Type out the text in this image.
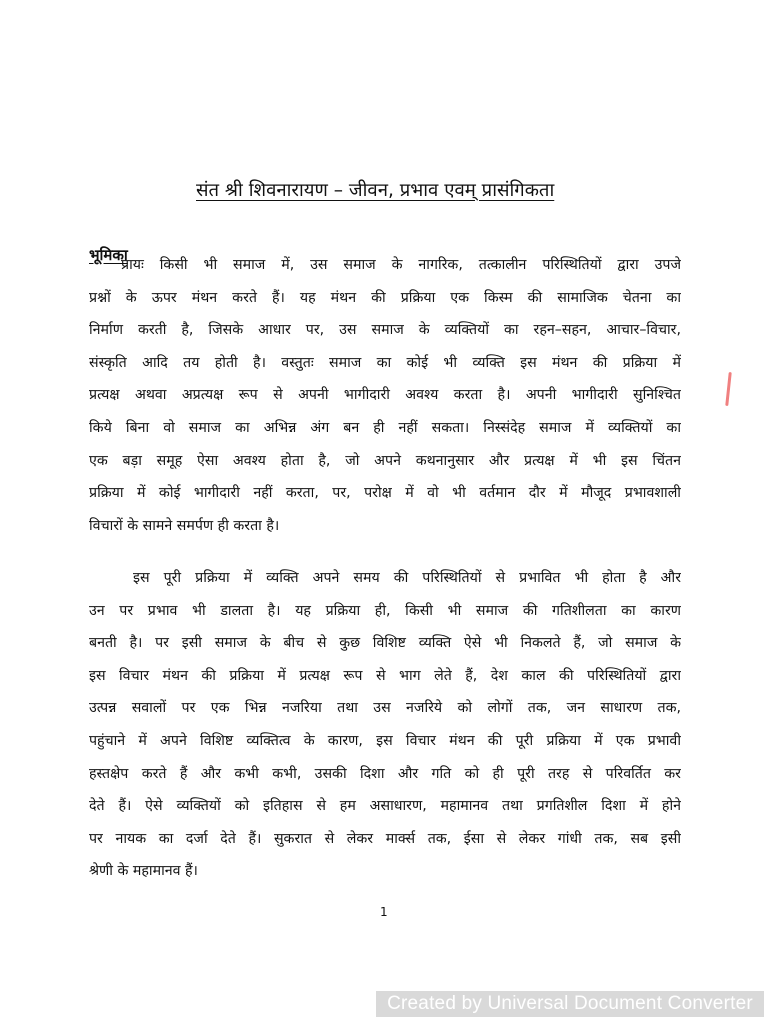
संत श्री शिवनारायण – जीवन, प्रभाव एवम् प्रासंगिकता
भूमिका

प्रायः किसी भी समाज में, उस समाज के नागरिक, तत्कालीन परिस्थितियों द्वारा उपजे
प्रश्नों के ऊपर मंथन करते हैं। यह मंथन की प्रक्रिया एक किस्म की सामाजिक चेतना का
निर्माण करती है, जिसके आधार पर, उस समाज के व्यक्तियों का रहन–सहन, आचार–विचार,
संस्कृति आदि तय होती है। वस्तुतः समाज का कोई भी व्यक्ति इस मंथन की प्रक्रिया में
प्रत्यक्ष अथवा अप्रत्यक्ष रूप से अपनी भागीदारी अवश्य करता है। अपनी भागीदारी सुनिश्चित
किये बिना वो समाज का अभिन्न अंग बन ही नहीं सकता। निस्संदेह समाज में व्यक्तियों का
एक बड़ा समूह ऐसा अवश्य होता है, जो अपने कथनानुसार और प्रत्यक्ष में भी इस चिंतन
प्रक्रिया में कोई भागीदारी नहीं करता, पर, परोक्ष में वो भी वर्तमान दौर में मौजूद प्रभावशाली
विचारों के सामने समर्पण ही करता है।

इस पूरी प्रक्रिया में व्यक्ति अपने समय की परिस्थितियों से प्रभावित भी होता है और
उन पर प्रभाव भी डालता है। यह प्रक्रिया ही, किसी भी समाज की गतिशीलता का कारण
बनती है। पर इसी समाज के बीच से कुछ विशिष्ट व्यक्ति ऐसे भी निकलते हैं, जो समाज के
इस विचार मंथन की प्रक्रिया में प्रत्यक्ष रूप से भाग लेते हैं, देश काल की परिस्थितियों द्वारा
उत्पन्न सवालों पर एक भिन्न नजरिया तथा उस नजरिये को लोगों तक, जन साधारण तक,
पहुंचाने में अपने विशिष्ट व्यक्तित्व के कारण, इस विचार मंथन की पूरी प्रक्रिया में एक प्रभावी
हस्तक्षेप करते हैं और कभी कभी, उसकी दिशा और गति को ही पूरी तरह से परिवर्तित कर
देते हैं। ऐसे व्यक्तियों को इतिहास से हम असाधारण, महामानव तथा प्रगतिशील दिशा में होने
पर नायक का दर्जा देते हैं। सुकरात से लेकर मार्क्स तक, ईसा से लेकर गांधी तक, सब इसी
श्रेणी के महामानव हैं।

1
Created by Universal Document Converter
